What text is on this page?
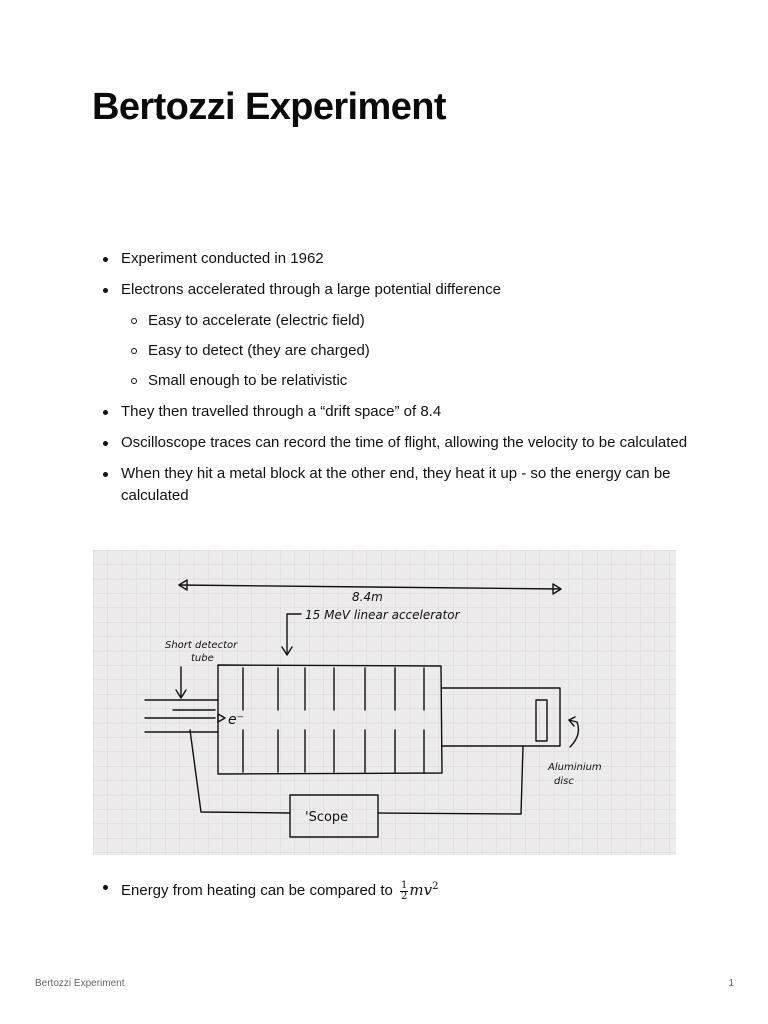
Bertozzi Experiment
Experiment conducted in 1962
Electrons accelerated through a large potential difference
Easy to accelerate (electric field)
Easy to detect (they are charged)
Small enough to be relativistic
They then travelled through a “drift space” of 8.4
Oscilloscope traces can record the time of flight, allowing the velocity to be calculated
When they hit a metal block at the other end, they heat it up - so the energy can be calculated
8.4m
15 MeV linear accelerator
Short detector
tube
e⁻
Aluminium
disc
'Scope
Energy from heating can be compared to $\frac{1}{2} mv^2$
Bertozzi Experiment	1
